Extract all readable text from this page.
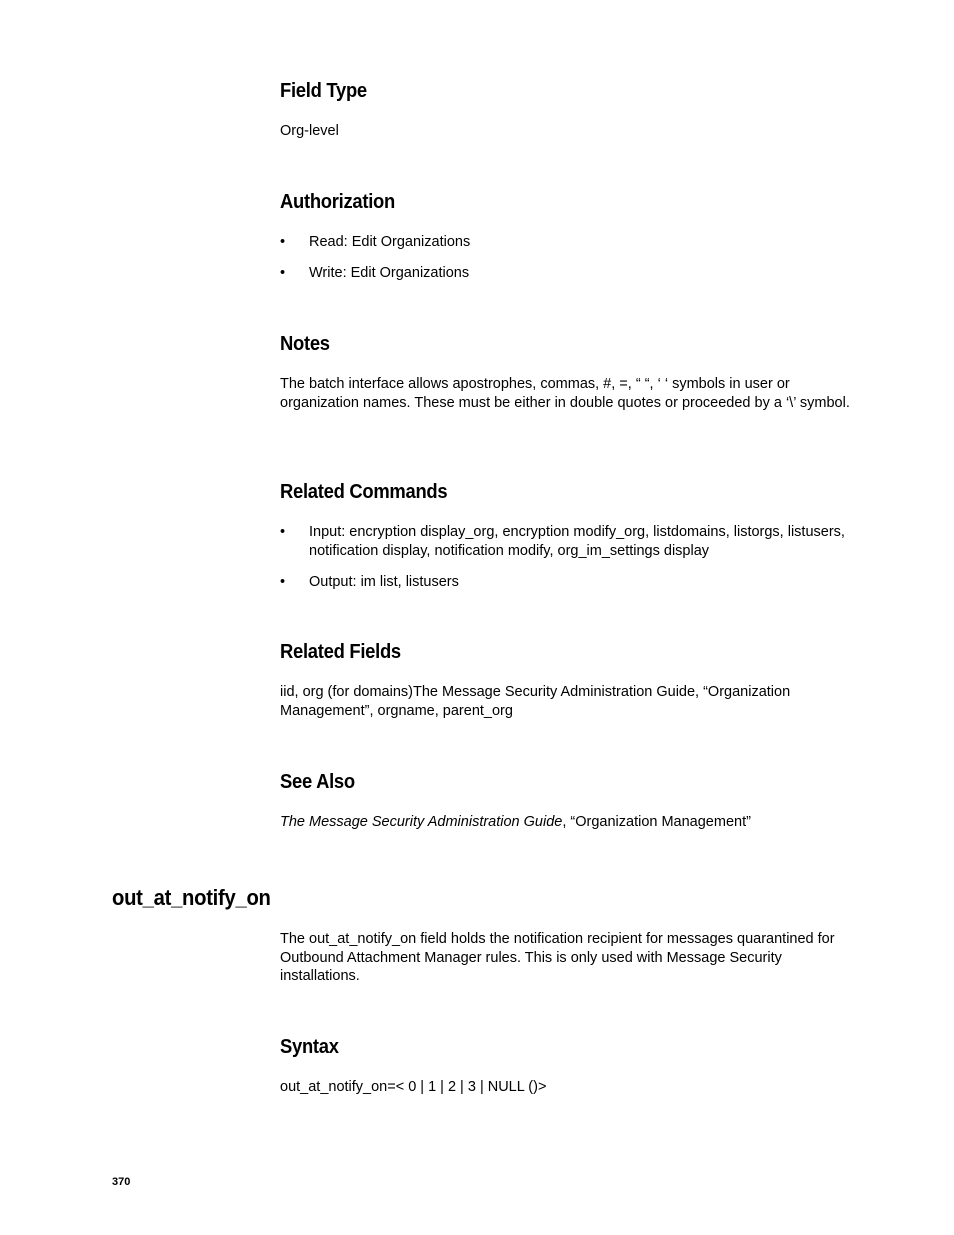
Field Type

Org-level

Authorization
• Read: Edit Organizations
• Write: Edit Organizations
Notes

The batch interface allows apostrophes, commas, #, =, “ “, ‘ ‘ symbols in user or organization names. These must be either in double quotes or proceeded by a ‘\’ symbol.

Related Commands
• Input: encryption display_org, encryption modify_org, listdomains, listorgs, listusers, notification display, notification modify, org_im_settings display
• Output: im list, listusers
Related Fields

iid, org (for domains)The Message Security Administration Guide, “Organization Management”, orgname, parent_org

See Also

The Message Security Administration Guide, “Organization Management”

out_at_notify_on

The out_at_notify_on field holds the notification recipient for messages quarantined for Outbound Attachment Manager rules. This is only used with Message Security installations.

Syntax

out_at_notify_on=< 0 | 1 | 2 | 3 | NULL ()>

370
